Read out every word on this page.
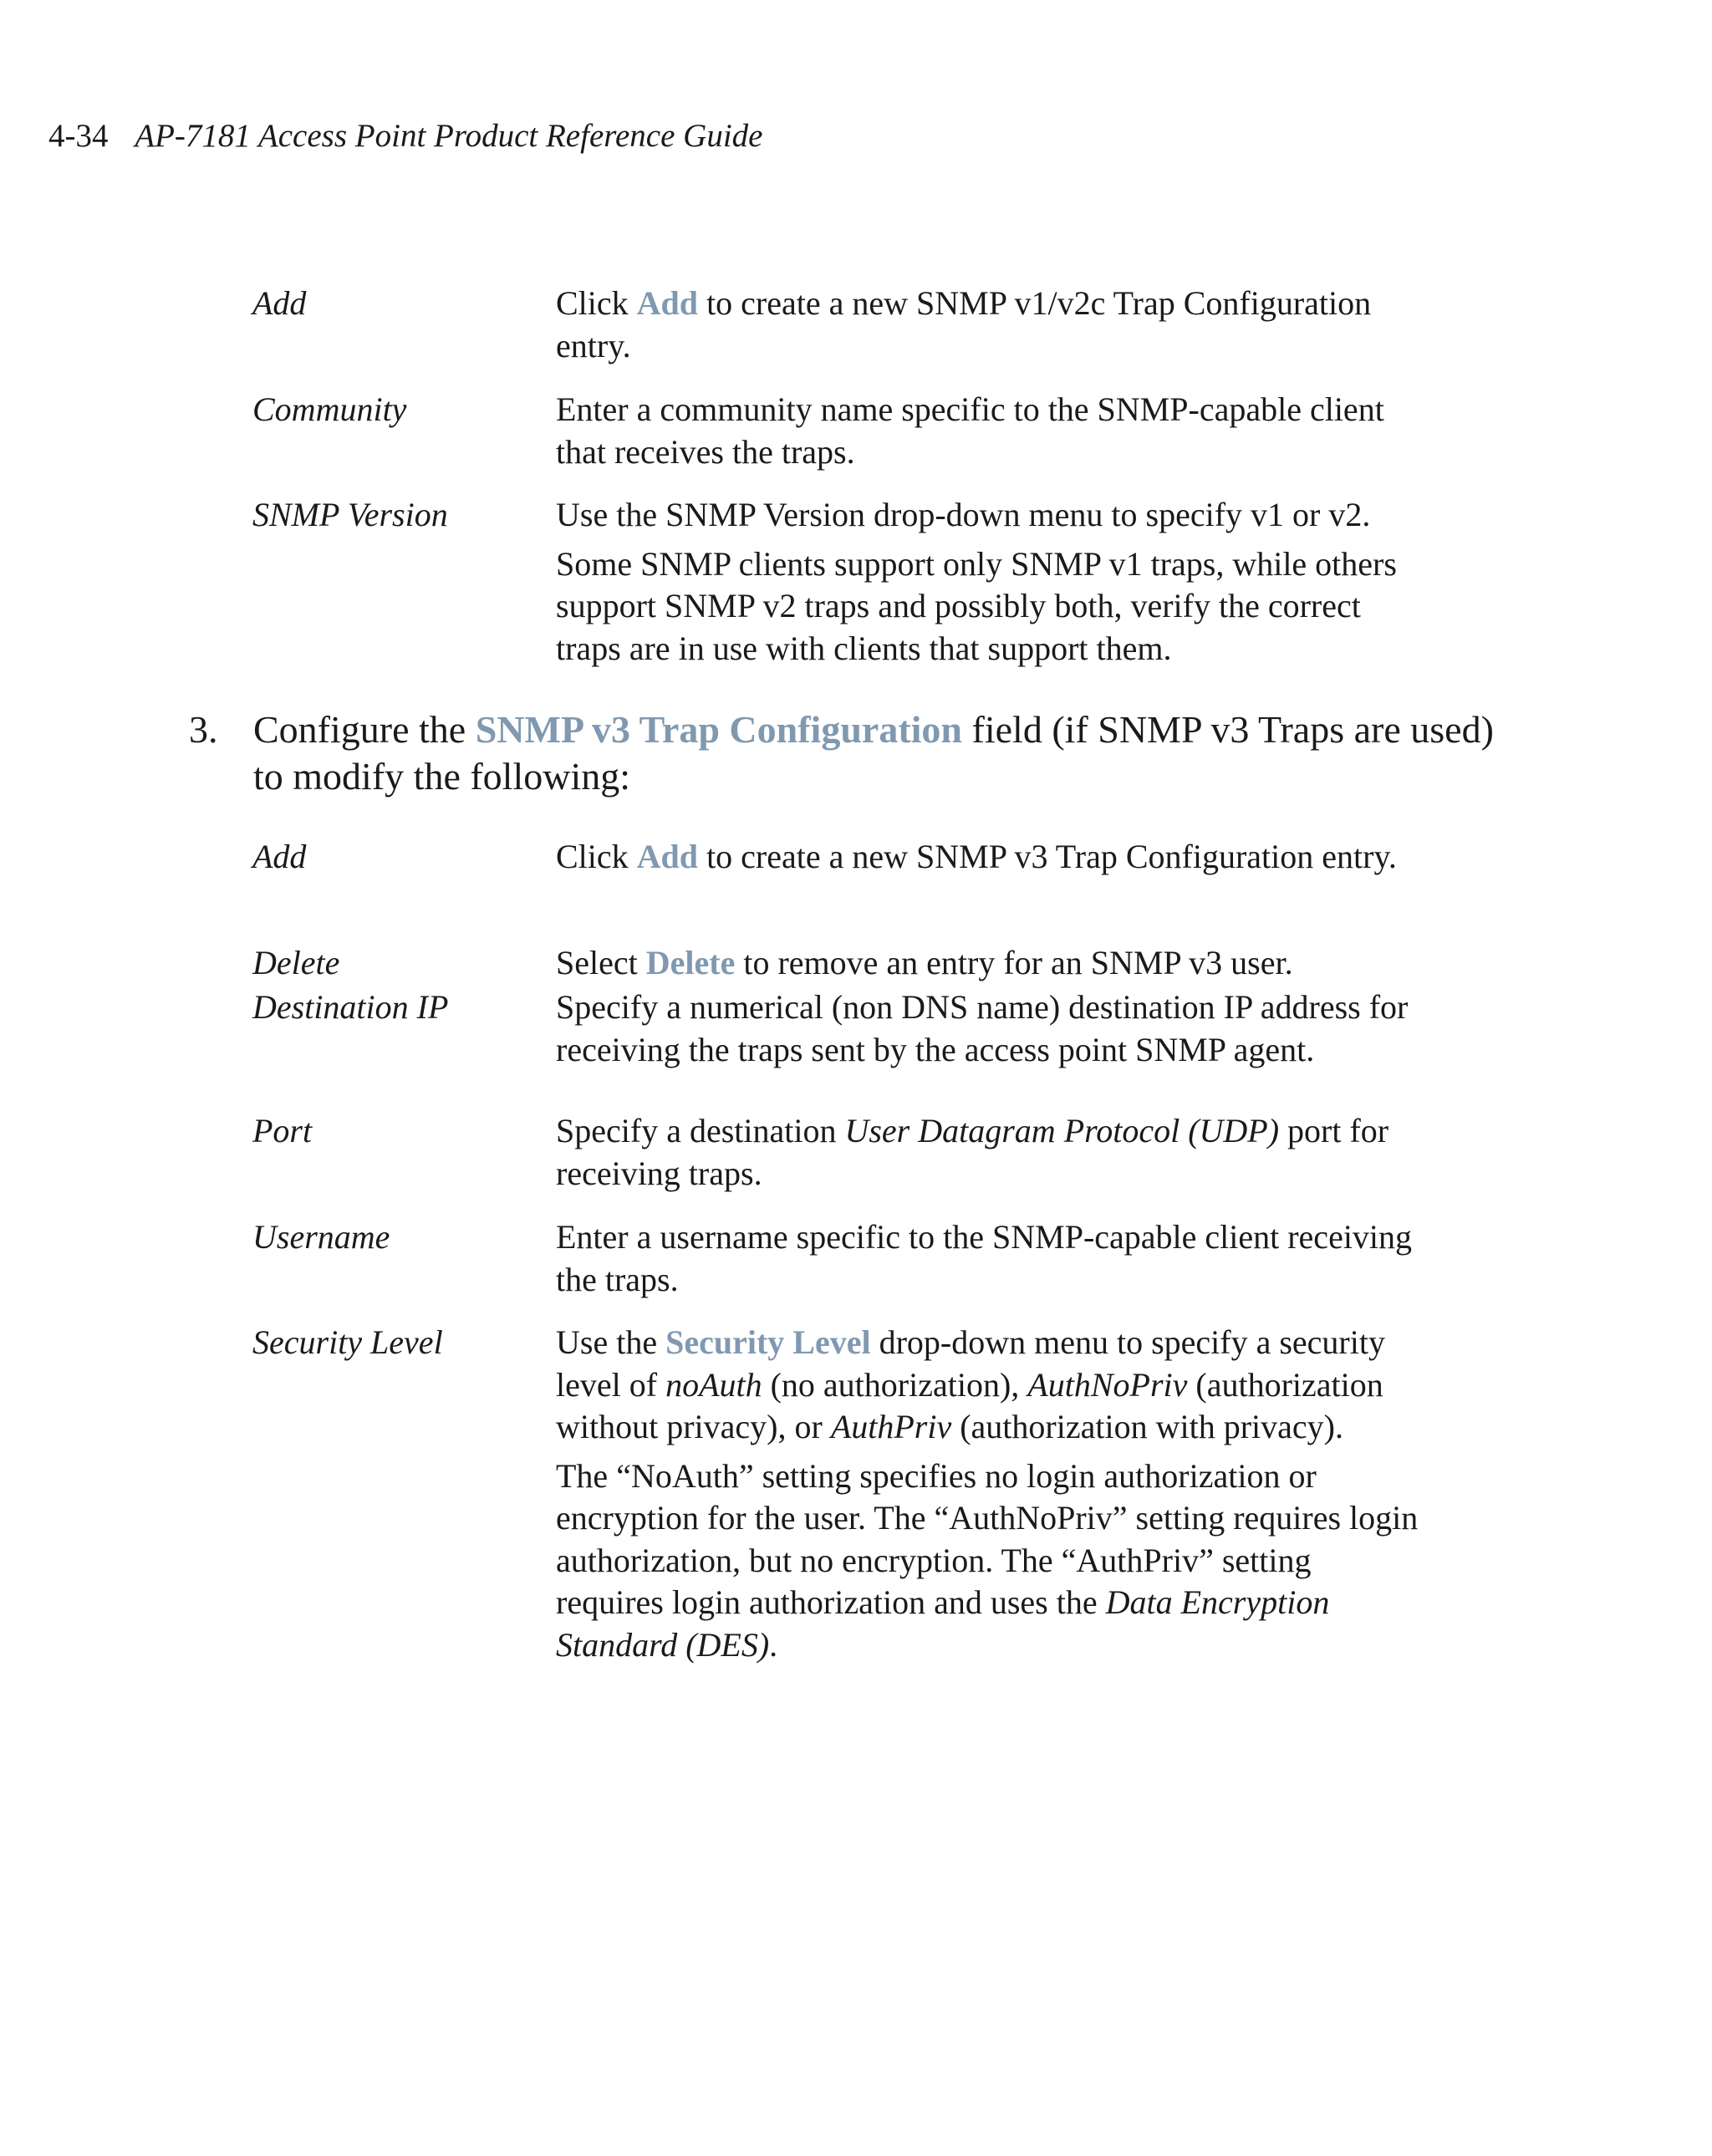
4-34 AP-7181 Access Point Product Reference Guide
Add	Click Add to create a new SNMP v1/v2c Trap Configuration entry.

Community	Enter a community name specific to the SNMP-capable client that receives the traps.

SNMP Version	Use the SNMP Version drop-down menu to specify v1 or v2.

Some SNMP clients support only SNMP v1 traps, while others support SNMP v2 traps and possibly both, verify the correct traps are in use with clients that support them.

3. Configure the SNMP v3 Trap Configuration field (if SNMP v3 Traps are used) to modify the following:
Add	Click Add to create a new SNMP v3 Trap Configuration entry.

Delete	Select Delete to remove an entry for an SNMP v3 user.

Destination IP	Specify a numerical (non DNS name) destination IP address for receiving the traps sent by the access point SNMP agent.

Port	Specify a destination User Datagram Protocol (UDP) port for receiving traps.

Username	Enter a username specific to the SNMP-capable client receiving the traps.

Security Level	Use the Security Level drop-down menu to specify a security level of noAuth (no authorization), AuthNoPriv (authorization without privacy), or AuthPriv (authorization with privacy).

The “NoAuth” setting specifies no login authorization or encryption for the user. The “AuthNoPriv” setting requires login authorization, but no encryption. The “AuthPriv” setting requires login authorization and uses the Data Encryption Standard (DES).
